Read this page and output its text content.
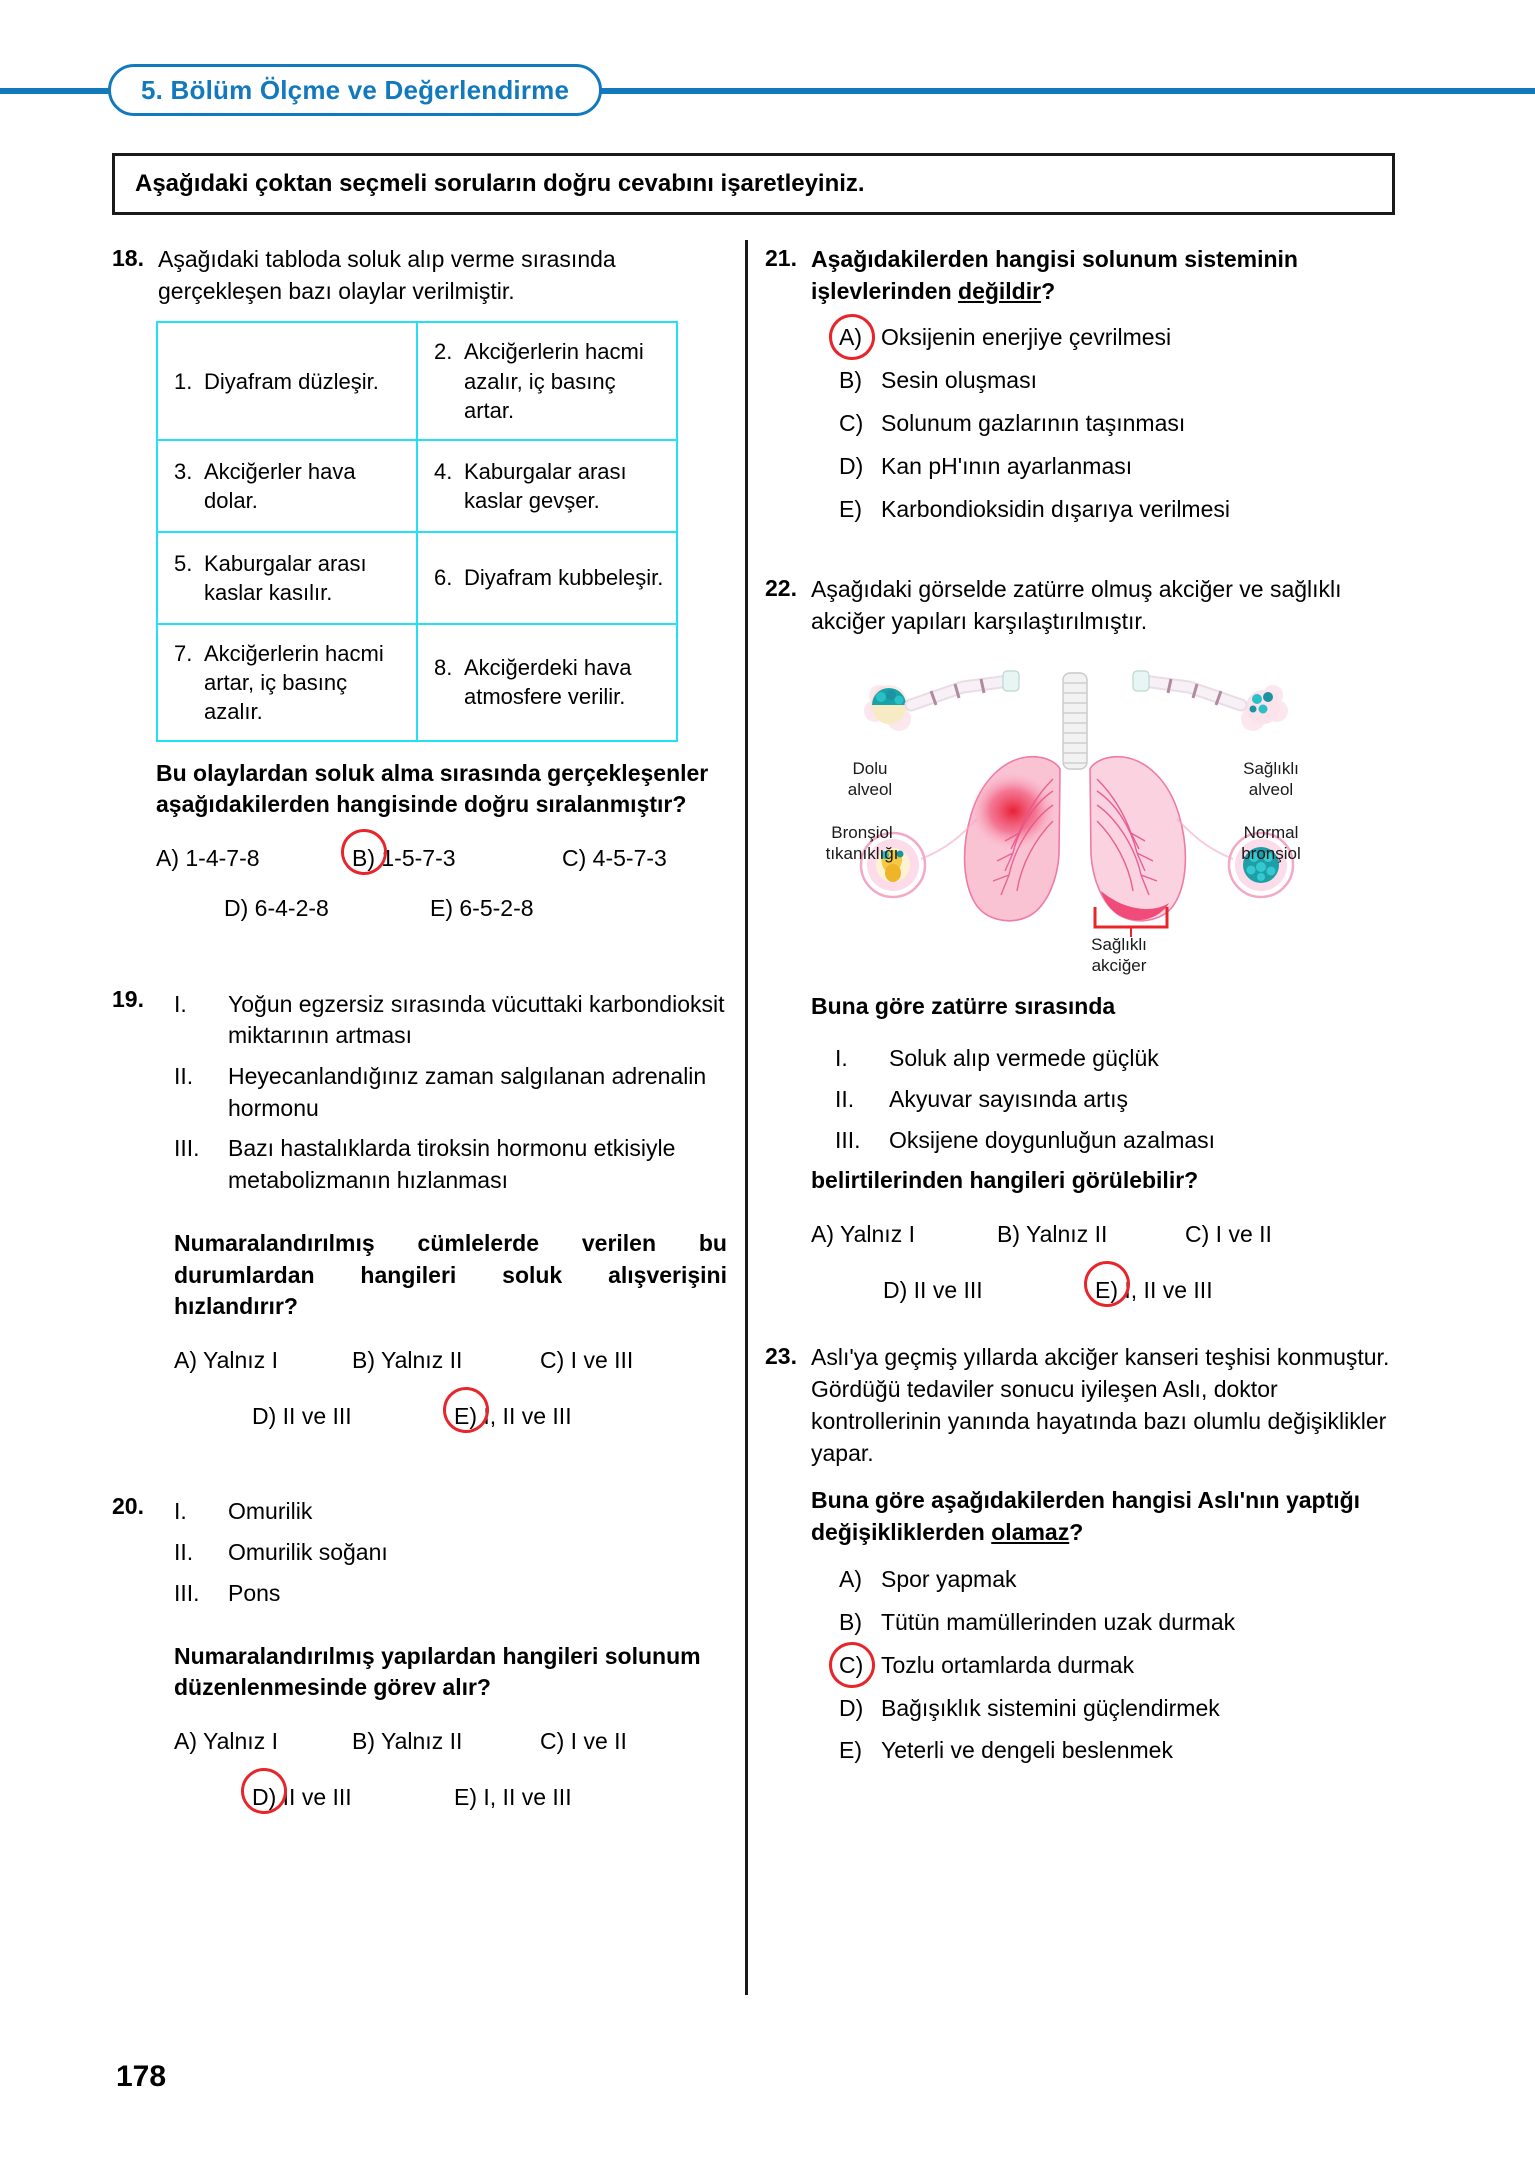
5. Bölüm Ölçme ve Değerlendirme
Aşağıdaki çoktan seçmeli soruların doğru cevabını işaretleyiniz.
18. Aşağıdaki tabloda soluk alıp verme sırasında gerçekleşen bazı olaylar verilmiştir.
1. Diyafram düzleşir.	2. Akciğerlerin hacmi azalır, iç basınç artar.

3. Akciğerler hava dolar.	4. Kaburgalar arası kaslar gevşer.

5. Kaburgalar arası kaslar kasılır.	6. Diyafram kubbeleşir.

7. Akciğerlerin hacmi artar, iç basınç azalır.	8. Akciğerdeki hava atmosfere verilir.
Bu olaylardan soluk alma sırasında gerçekleşenler aşağıdakilerden hangisinde doğru sıralanmıştır?
A) 1-4-7-8	B) 1-5-7-3	C) 4-5-7-3
D) 6-4-2-8	E) 6-5-2-8
19.	I.	Yoğun egzersiz sırasında vücuttaki karbondioksit miktarının artması
II.	Heyecanlandığınız zaman salgılanan adrenalin hormonu
III.	Bazı hastalıklarda tiroksin hormonu etkisiyle metabolizmanın hızlanması
Numaralandırılmış cümlelerde verilen bu durumlardan hangileri soluk alışverişini hızlandırır?
A) Yalnız I	B) Yalnız II	C) I ve III
D) II ve III	E) I, II ve III
20.	I.	Omurilik
II.	Omurilik soğanı
III.	Pons
Numaralandırılmış yapılardan hangileri solunum düzenlenmesinde görev alır?
A) Yalnız I	B) Yalnız II	C) I ve II
D) II ve III	E) I, II ve III
21. Aşağıdakilerden hangisi solunum sisteminin işlevlerinden değildir?
A) Oksijenin enerjiye çevrilmesi
B) Sesin oluşması
C) Solunum gazlarının taşınması
D) Kan pH'ının ayarlanması
E) Karbondioksidin dışarıya verilmesi
22. Aşağıdaki görselde zatürre olmuş akciğer ve sağlıklı akciğer yapıları karşılaştırılmıştır.
Dolu
alveol
Sağlıklı
alveol
Bronşiol
tıkanıklığı
Normal
bronşiol
Sağlıklı
akciğer
Buna göre zatürre sırasında
I.	Soluk alıp vermede güçlük
II.	Akyuvar sayısında artış
III.	Oksijene doygunluğun azalması
belirtilerinden hangileri görülebilir?
A) Yalnız I	B) Yalnız II	C) I ve II
D) II ve III	E) I, II ve III
23. Aslı'ya geçmiş yıllarda akciğer kanseri teşhisi konmuştur. Gördüğü tedaviler sonucu iyileşen Aslı, doktor kontrollerinin yanında hayatında bazı olumlu değişiklikler yapar.
Buna göre aşağıdakilerden hangisi Aslı'nın yaptığı değişikliklerden olamaz?
A) Spor yapmak
B) Tütün mamüllerinden uzak durmak
C) Tozlu ortamlarda durmak
D) Bağışıklık sistemini güçlendirmek
E) Yeterli ve dengeli beslenmek
178
